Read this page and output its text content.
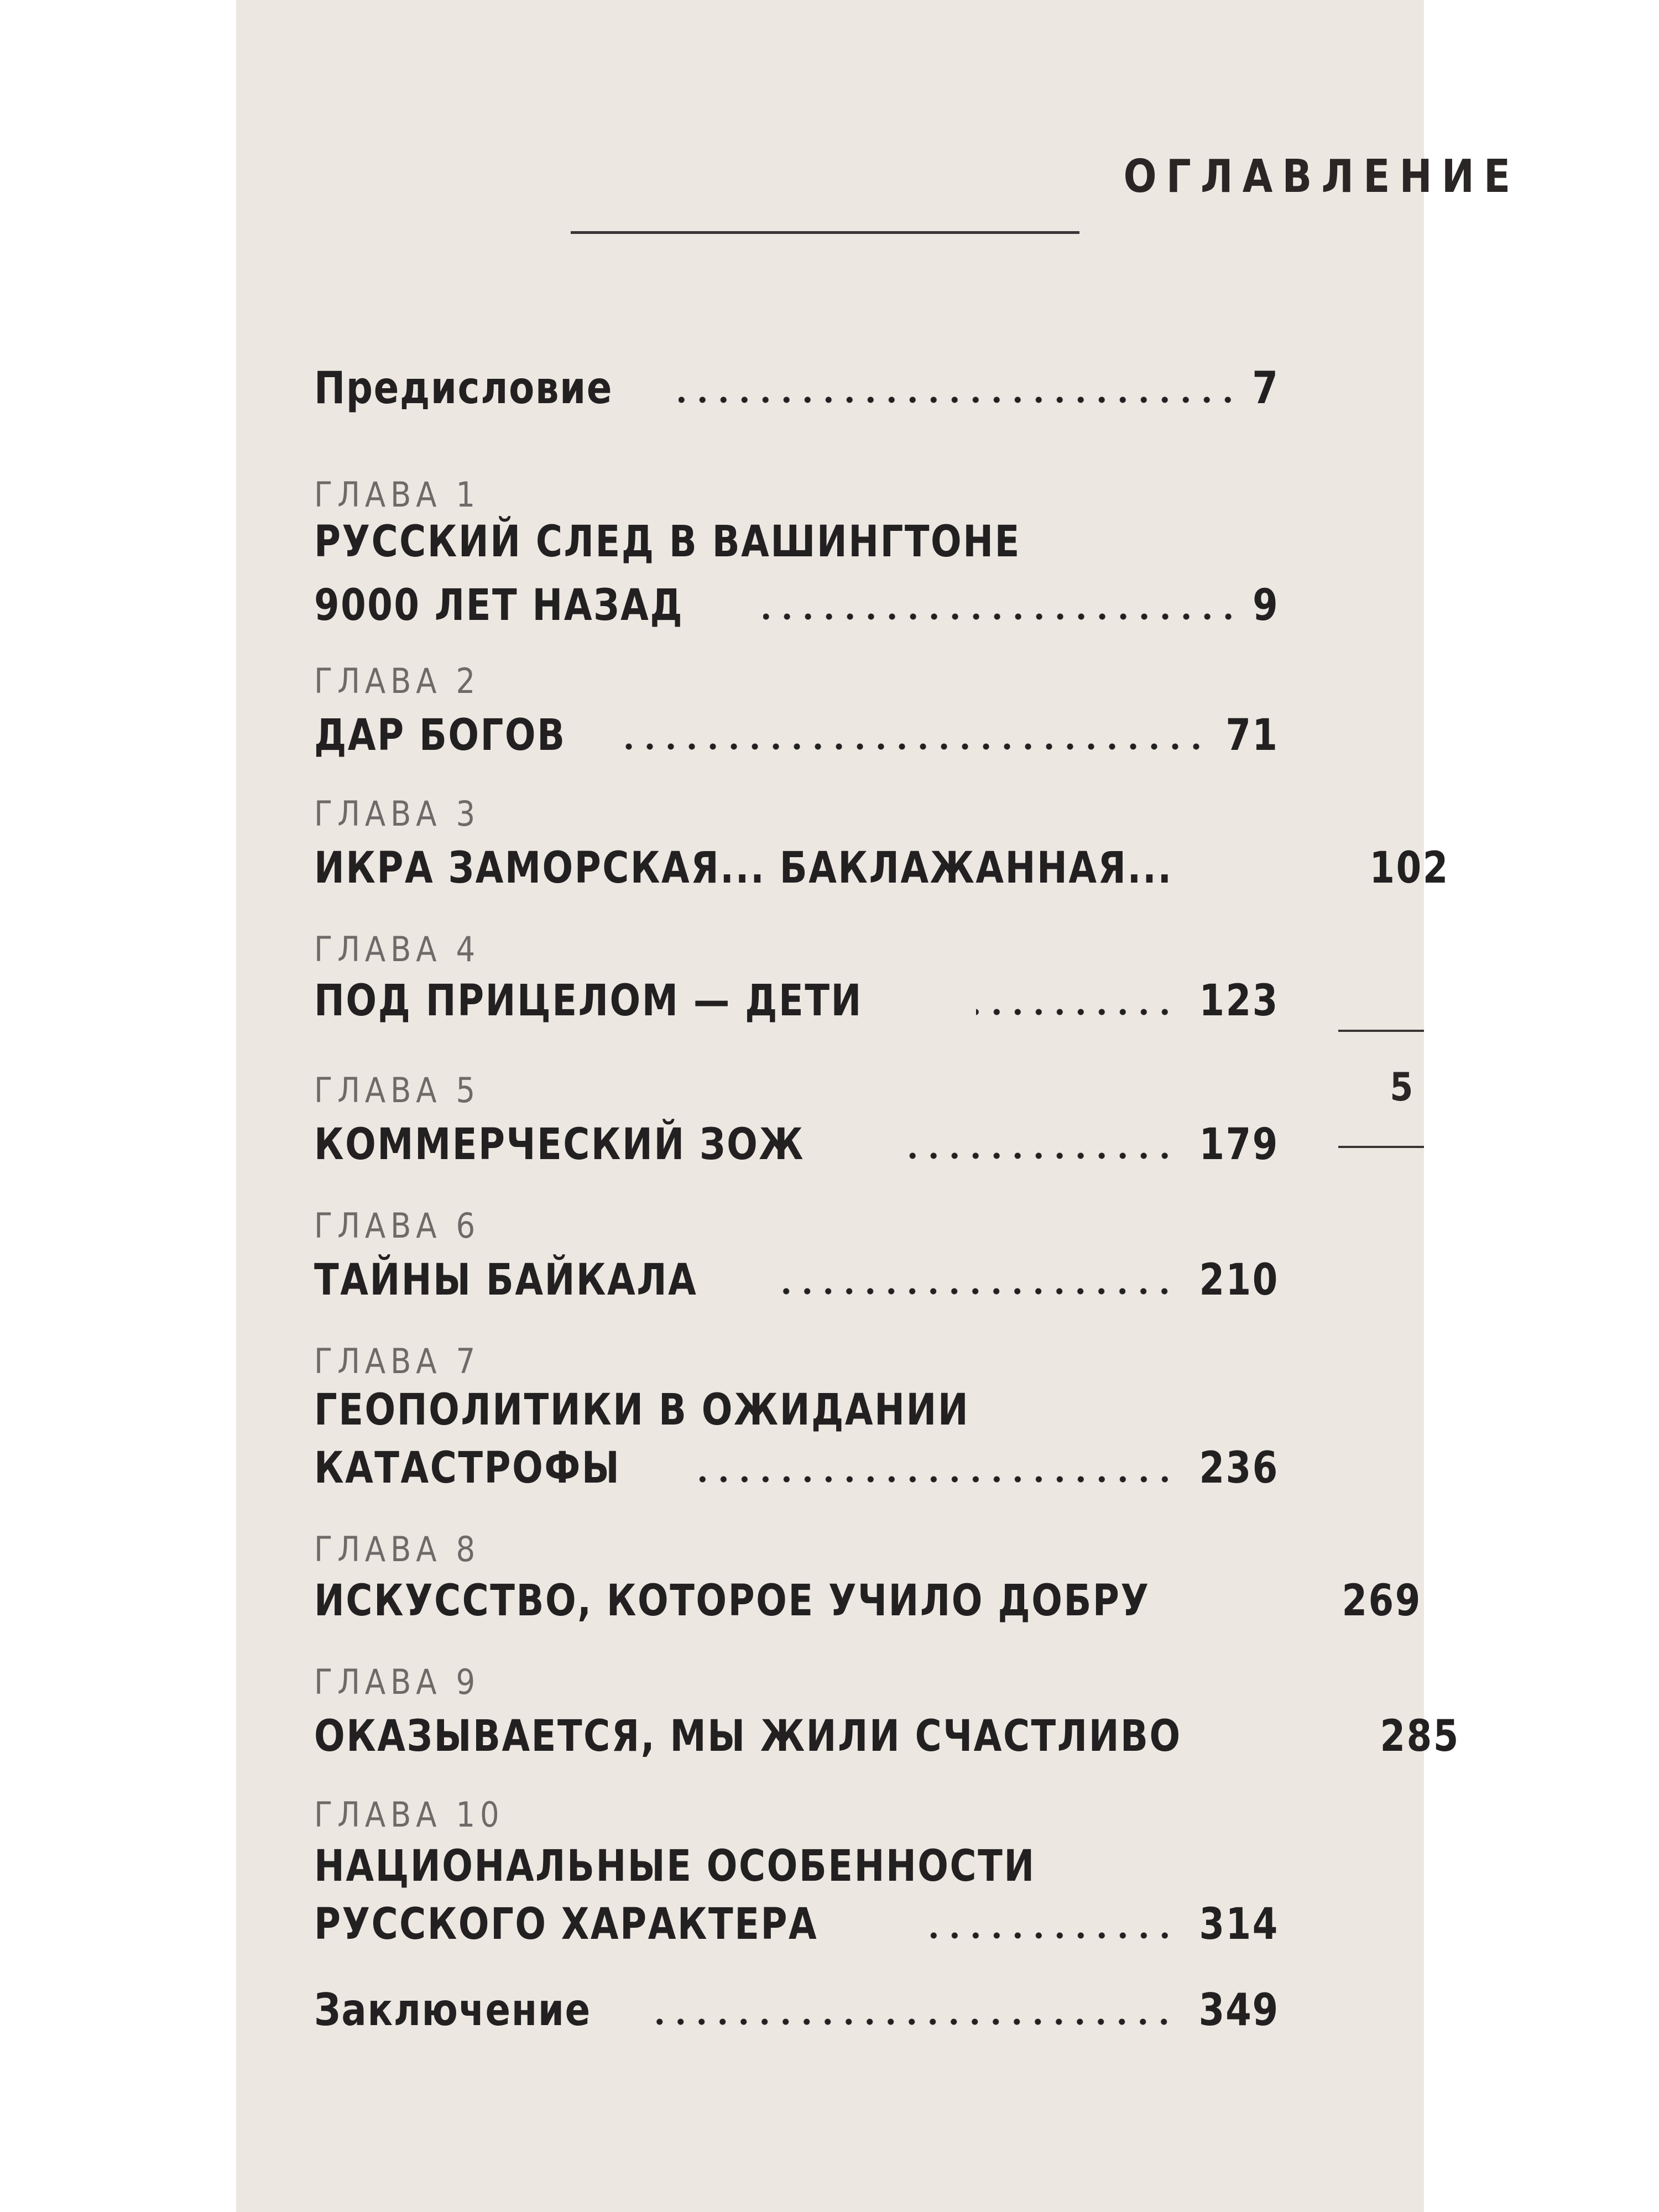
ОГЛАВЛЕНИЕ
5
Предисловие	7
ГЛАВА 1
РУССКИЙ СЛЕД В ВАШИНГТОНЕ
9000 ЛЕТ НАЗАД	9
ГЛАВА 2
ДАР БОГОВ	71
ГЛАВА 3
ИКРА ЗАМОРСКАЯ... БАКЛАЖАННАЯ...	102
ГЛАВА 4
ПОД ПРИЦЕЛОМ — ДЕТИ	123
ГЛАВА 5
КОММЕРЧЕСКИЙ ЗОЖ	179
ГЛАВА 6
ТАЙНЫ БАЙКАЛА	210
ГЛАВА 7
ГЕОПОЛИТИКИ В ОЖИДАНИИ
КАТАСТРОФЫ	236
ГЛАВА 8
ИСКУССТВО, КОТОРОЕ УЧИЛО ДОБРУ	269
ГЛАВА 9
ОКАЗЫВАЕТСЯ, МЫ ЖИЛИ СЧАСТЛИВО	285
ГЛАВА 10
НАЦИОНАЛЬНЫЕ ОСОБЕННОСТИ
РУССКОГО ХАРАКТЕРА	314
Заключение	349
